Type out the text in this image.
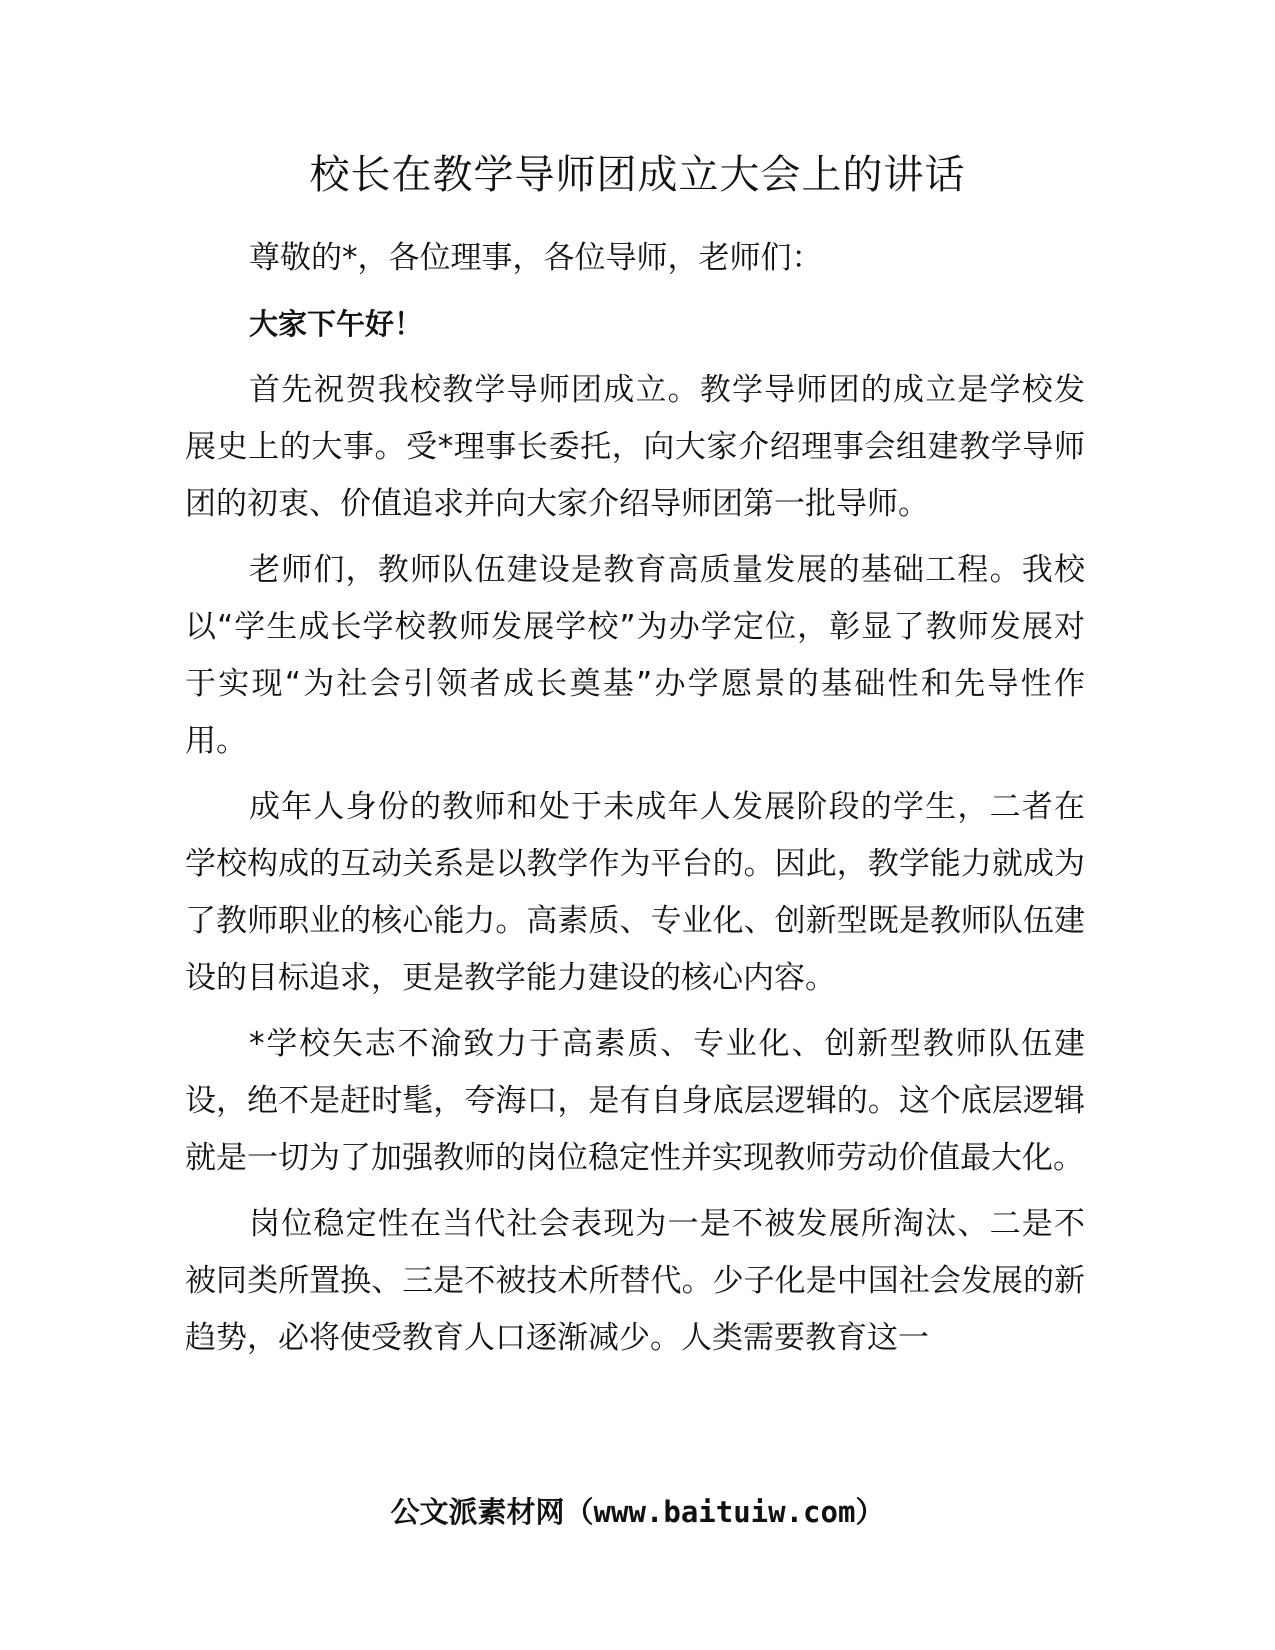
校长在教学导师团成立大会上的讲话

尊敬的*，各位理事，各位导师，老师们：

大家下午好！

首先祝贺我校教学导师团成立。教学导师团的成立是学校发展史上的大事。受*理事长委托，向大家介绍理事会组建教学导师团的初衷、价值追求并向大家介绍导师团第一批导师。

老师们，教师队伍建设是教育高质量发展的基础工程。我校以“学生成长学校教师发展学校”为办学定位，彰显了教师发展对于实现“为社会引领者成长奠基”办学愿景的基础性和先导性作用。

成年人身份的教师和处于未成年人发展阶段的学生，二者在学校构成的互动关系是以教学作为平台的。因此，教学能力就成为了教师职业的核心能力。高素质、专业化、创新型既是教师队伍建设的目标追求，更是教学能力建设的核心内容。

*学校矢志不渝致力于高素质、专业化、创新型教师队伍建设，绝不是赶时髦，夸海口，是有自身底层逻辑的。这个底层逻辑就是一切为了加强教师的岗位稳定性并实现教师劳动价值最大化。

岗位稳定性在当代社会表现为一是不被发展所淘汰、二是不被同类所置换、三是不被技术所替代。少子化是中国社会发展的新趋势，必将使受教育人口逐渐减少。人类需要教育这一

公文派素材网（www.baituiw.com）
